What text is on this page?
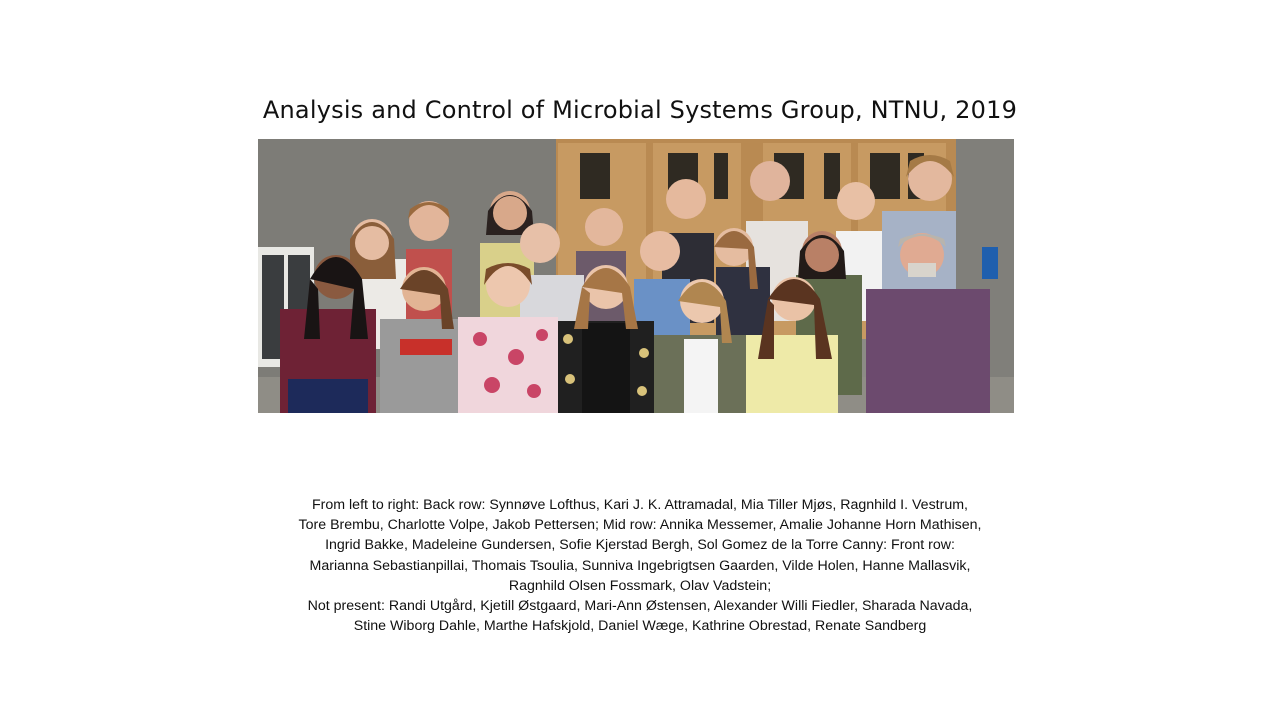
Analysis and Control of Microbial Systems Group, NTNU, 2019
From left to right: Back row: Synnøve Lofthus, Kari J. K. Attramadal, Mia Tiller Mjøs, Ragnhild I. Vestrum,
Tore Brembu, Charlotte Volpe, Jakob Pettersen; Mid row: Annika Messemer, Amalie Johanne Horn Mathisen,
Ingrid Bakke, Madeleine Gundersen, Sofie Kjerstad Bergh, Sol Gomez de la Torre Canny: Front row:
Marianna Sebastianpillai, Thomais Tsoulia, Sunniva Ingebrigtsen Gaarden, Vilde Holen, Hanne Mallasvik,
Ragnhild Olsen Fossmark, Olav Vadstein;
Not present: Randi Utgård, Kjetill Østgaard, Mari-Ann Østensen, Alexander Willi Fiedler, Sharada Navada,
Stine Wiborg Dahle, Marthe Hafskjold, Daniel Wæge, Kathrine Obrestad, Renate Sandberg
